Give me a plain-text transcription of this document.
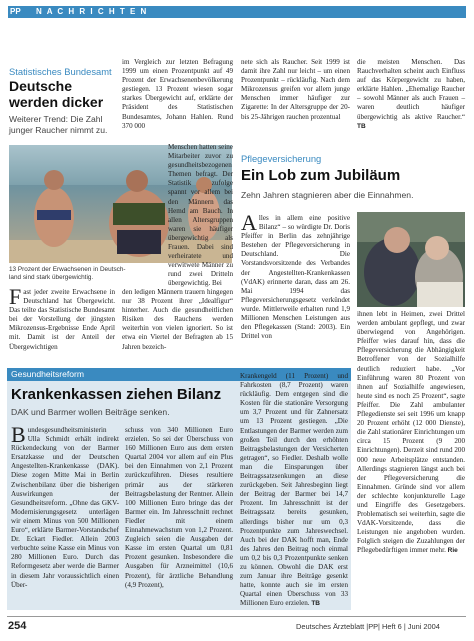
PP	N A C H R I C H T E N
Statistisches Bundesamt
Deutsche
werden dicker
Weiterer Trend: Die Zahl
junger Raucher nimmt zu.
13 Prozent der Erwachsenen in Deutsch-
land sind stark übergewichtig.
F ast jeder zweite Erwachsene in Deutschland hat Übergewicht. Das teilte das Statistische Bundesamt bei der Vorstellung der jüngsten Mikrozensus-Ergebnisse Ende April mit. Damit ist der Anteil der Übergewichtigen
im Vergleich zur letzten Befragung 1999 um einen Prozentpunkt auf 49 Prozent der Erwachsenenbevölkerung gestiegen. 13 Prozent wiesen sogar starkes Übergewicht auf, erklärte der Präsident des Statistischen Bundesamtes, Johann Hahlen. Rund 370 000
Menschen hatten seine Mitarbeiter zuvor zu gesundheitsbezogenen Themen befragt. Der Statistik zufolge spannt vor allem bei den Männern das Hemd am Bauch. In allen Altersgruppen waren sie häufiger übergewichtig als Frauen. Dabei sind verheiratete und verwitwete Männer zu rund zwei Dritteln übergewichtig. Bei
den ledigen Männern trauern hingegen nur 38 Prozent ihrer „Idealfigur“ hinterher. Auch die gesundheitlichen Risiken des Rauchens werden weiterhin von vielen ignoriert. So ist etwa ein Viertel der Befragten ab 15 Jahren bezeich-
nete sich als Raucher. Seit 1999 ist damit ihre Zahl nur leicht – um einen Prozentpunkt – rückläufig. Nach dem Mikrozensus greifen vor allem junge Menschen immer häufiger zur Zigarette: In der Altersgruppe der 20- bis 25-Jährigen rauchen prozentual
die meisten Menschen. Das Rauchverhalten scheint auch Einfluss auf das Körpergewicht zu haben, erklärte Hahlen. „Ehemalige Raucher – sowohl Männer als auch Frauen – waren deutlich häufiger übergewichtig als aktive Raucher.“ TB
Pflegeversicherung
Ein Lob zum Jubiläum
Zehn Jahren stagnieren aber die Einnahmen.
A lles in allem eine positive Bilanz“ – so würdigte Dr. Doris Pfeiffer in Berlin das zehnjährige Bestehen der Pflegeversicherung in Deutschland. Die Vorstandsvorsitzende des Verbandes der Angestellten-Krankenkassen (VdAK) erinnerte daran, dass am 26. Mai 1994 das Pflegeversicherungsgesetz verkündet wurde. Mittlerweile erhalten rund 1,9 Millionen Menschen Leistungen aus den Pflegekassen (Stand: 2003). Ein Drittel von
ihnen lebt in Heimen, zwei Drittel werden ambulant gepflegt, und zwar überwiegend von Angehörigen. Pfeiffer wies darauf hin, dass die Pflegeversicherung die Abhängigkeit Betroffener von der Sozialhilfe deutlich reduziert habe. „Vor Einführung waren 80 Prozent von ihnen auf Sozialhilfe angewiesen, heute sind es noch 25 Prozent“, sagte Pfeiffer. Die Zahl ambulanter Pflegedienste sei seit 1996 um knapp 20 Prozent erhöht (12 000 Dienste), die Zahl stationärer Einrichtungen um circa 15 Prozent (9 200 Einrichtungen). Derzeit sind rund 200 000 neue Arbeitsplätze entstanden. Allerdings stagnieren längst auch bei der Pflegeversicherung die Einnahmen. Gründe sind vor allem der schlechte konjunkturelle Lage und Eingriffe des Gesetzgebers. Problematisch sei weiterhin, sagte die VdAK-Vorsitzende, dass die Leistungen nie angehoben wurden. Folglich steigen die Zuzahlungen der Pflegebedürftigen immer mehr. Rie
Gesundheitsreform
Krankenkassen ziehen Bilanz
DAK und Barmer wollen Beiträge senken.
B undesgesundheitsministerin Ulla Schmidt erhält indirekt Rückendeckung von der Barmer Ersatzkasse und der Deutschen Angestellten-Krankenkasse (DAK). Diese zogen Mitte Mai in Berlin Zwischenbilanz über die bisherigen Auswirkungen der Gesundheitsreform. „Ohne das GKV-Modernisierungsgesetz unterlägen wir einem Minus von 500 Millionen Euro“, erklärte Barmer-Vorstandschef Dr. Eckart Fiedler. Allein 2003 verbuchte seine Kasse ein Minus von 280 Millionen Euro. Durch das Reformgesetz aber werde die Barmer in diesem Jahr voraussichtlich einen Über-
schuss von 340 Millionen Euro erzielen. So sei der Überschuss von 160 Millionen Euro aus dem ersten Quartal 2004 vor allem auf ein Plus bei den Einnahmen von 2,1 Prozent zurückzuführen. Dieses resultiere primär aus der stärkeren Beitragsbelastung der Rentner. Allein 100 Millionen Euro bringe das der Barmer ein. Im Jahresschnitt rechnet Fiedler mit einem Einnahmewachstum von 1,2 Prozent. Zugleich seien die Ausgaben der Kasse im ersten Quartal um 0,81 Prozent gesunken. Insbesondere die Ausgaben für Arzneimittel (10,6 Prozent), für ärztliche Behandlung (4,9 Prozent),
Krankengeld (11 Prozent) und Fahrkosten (8,7 Prozent) waren rückläufig. Dem entgegen sind die Kosten für die stationäre Versorgung um 3,7 Prozent und für Zahnersatz um 13 Prozent gestiegen. „Die Entlastungen der Barmer werden zum großen Teil durch den erhöhten Beitragsbelastungen der Versicherten getragen“, so Fiedler. Deshalb wolle man die Einsparungen über Beitragssatzsenkungen an diese zurückgeben. Seit Jahresbeginn liegt der Beitrag der Barmer bei 14,7 Prozent. Im Jahresschnitt ist der Beitragssatz bereits gesunken, allerdings bisher nur um 0,3 Prozentpunkte zum Jahreswechsel. Auch bei der DAK hofft man, Ende des Jahres den Beitrag noch einmal um 0,2 bis 0,3 Prozentpunkte senken zu können. Obwohl die DAK erst zum Januar ihre Beiträge gesenkt hatte, konnte auch sie im ersten Quartal einen Überschuss von 33 Millionen Euro erzielen. TB
254	Deutsches Ärzteblatt |PP| Heft 6 | Juni 2004
